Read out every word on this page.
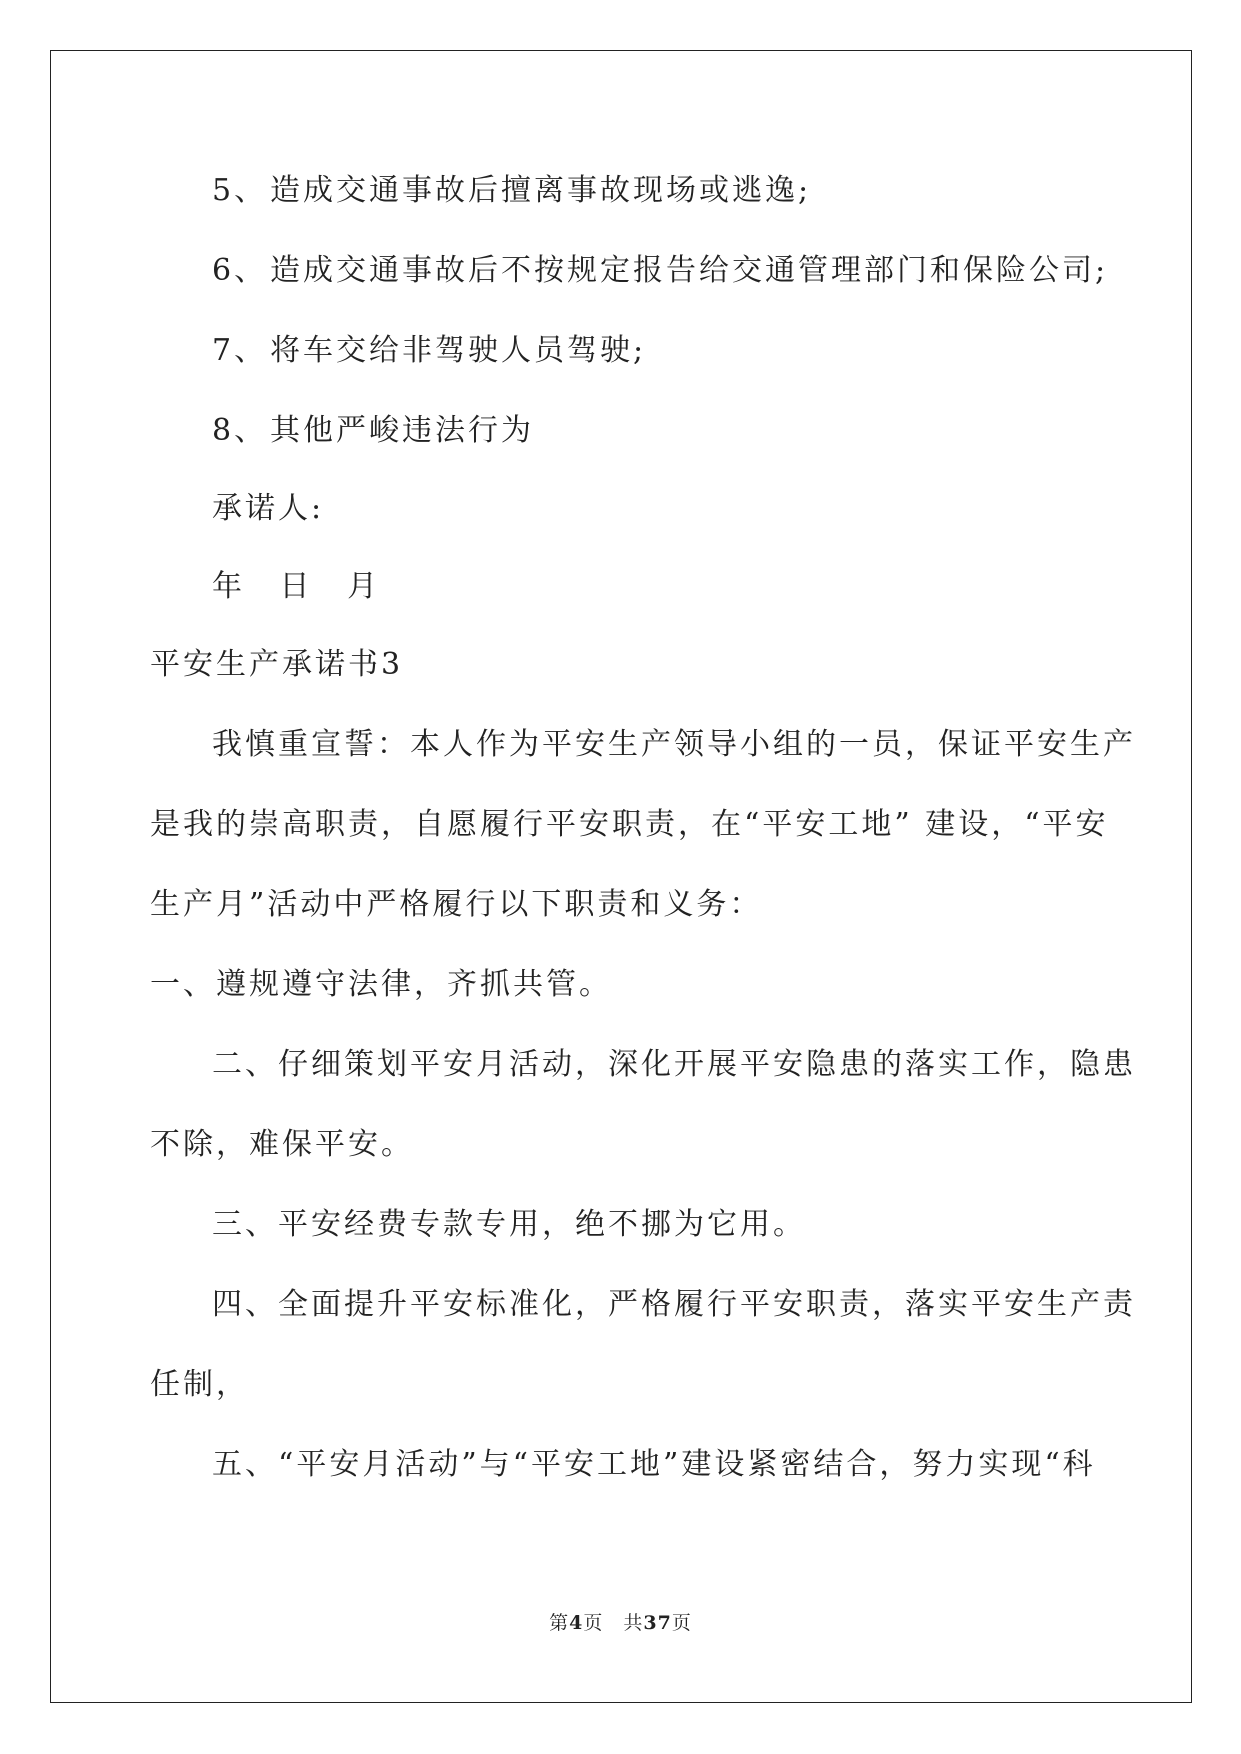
5、造成交通事故后擅离事故现场或逃逸;
6、造成交通事故后不按规定报告给交通管理部门和保险公司;
7、将车交给非驾驶人员驾驶;
8、其他严峻违法行为
承诺人:
年 日 月
平安生产承诺书3
我慎重宣誓：本人作为平安生产领导小组的一员，保证平安生产
是我的崇高职责，自愿履行平安职责，在“平安工地” 建设，“平安
生产月”活动中严格履行以下职责和义务：
一、遵规遵守法律，齐抓共管。
二、仔细策划平安月活动，深化开展平安隐患的落实工作，隐患
不除，难保平安。
三、平安经费专款专用，绝不挪为它用。
四、全面提升平安标准化，严格履行平安职责，落实平安生产责
任制，
五、“平安月活动”与“平安工地”建设紧密结合，努力实现“科
第4页　共37页
